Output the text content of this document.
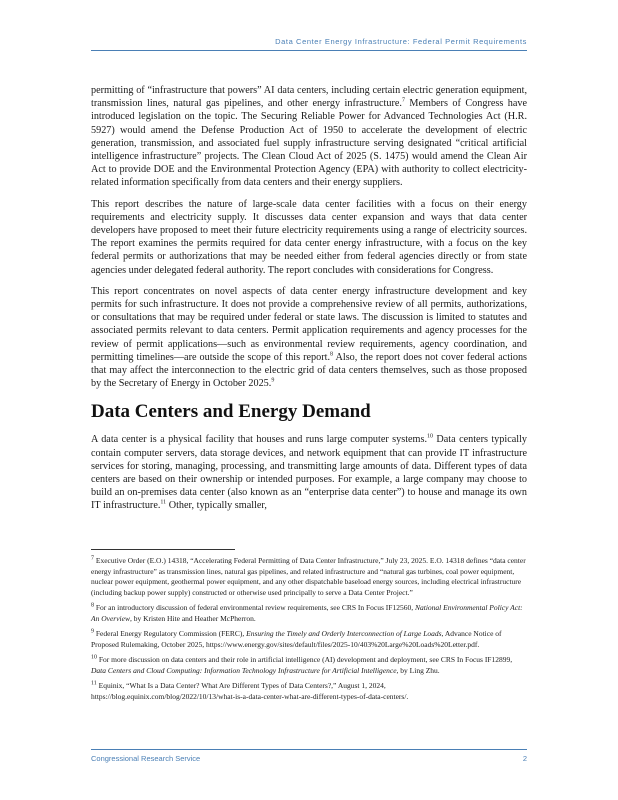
Data Center Energy Infrastructure: Federal Permit Requirements

permitting of “infrastructure that powers” AI data centers, including certain electric generation equipment, transmission lines, natural gas pipelines, and other energy infrastructure.$^7$ Members of Congress have introduced legislation on the topic. The Securing Reliable Power for Advanced Technologies Act (H.R. 5927) would amend the Defense Production Act of 1950 to accelerate the development of electric generation, transmission, and associated fuel supply infrastructure serving designated “critical artificial intelligence infrastructure” projects. The Clean Cloud Act of 2025 (S. 1475) would amend the Clean Air Act to provide DOE and the Environmental Protection Agency (EPA) with authority to collect electricity-related information specifically from data centers and their energy suppliers.

This report describes the nature of large-scale data center facilities with a focus on their energy requirements and electricity supply. It discusses data center expansion and ways that data center developers have proposed to meet their future electricity requirements using a range of electricity sources. The report examines the permits required for data center energy infrastructure, with a focus on the key federal permits or authorizations that may be needed either from federal agencies directly or from state agencies under delegated federal authority. The report concludes with considerations for Congress.

This report concentrates on novel aspects of data center energy infrastructure development and key permits for such infrastructure. It does not provide a comprehensive review of all permits, authorizations, or consultations that may be required under federal or state laws. The discussion is limited to statutes and associated permits relevant to data centers. Permit application requirements and agency processes for the review of permit applications—such as environmental review requirements, agency coordination, and permitting timelines—are outside the scope of this report.$^8$ Also, the report does not cover federal actions that may affect the interconnection to the electric grid of data centers themselves, such as those proposed by the Secretary of Energy in October 2025.$^9$

Data Centers and Energy Demand

A data center is a physical facility that houses and runs large computer systems.$^{10}$ Data centers typically contain computer servers, data storage devices, and network equipment that can provide IT infrastructure services for storing, managing, processing, and transmitting large amounts of data. Different types of data centers are based on their ownership or intended purposes. For example, a large company may choose to build an on-premises data center (also known as an “enterprise data center”) to house and manage its own IT infrastructure.$^{11}$ Other, typically smaller,

$^7$ Executive Order (E.O.) 14318, “Accelerating Federal Permitting of Data Center Infrastructure,” July 23, 2025. E.O. 14318 defines “data center energy infrastructure” as transmission lines, natural gas pipelines, and related infrastructure and “natural gas turbines, coal power equipment, nuclear power equipment, geothermal power equipment, and any other dispatchable baseload energy sources, including electrical infrastructure (including backup power supply) constructed or otherwise used principally to serve a Data Center Project.”

$^8$ For an introductory discussion of federal environmental review requirements, see CRS In Focus IF12560, National Environmental Policy Act: An Overview, by Kristen Hite and Heather McPherron.

$^9$ Federal Energy Regulatory Commission (FERC), Ensuring the Timely and Orderly Interconnection of Large Loads, Advance Notice of Proposed Rulemaking, October 2025, https://www.energy.gov/sites/default/files/2025-10/403%20Large%20Loads%20Letter.pdf.

$^{10}$ For more discussion on data centers and their role in artificial intelligence (AI) development and deployment, see CRS In Focus IF12899, Data Centers and Cloud Computing: Information Technology Infrastructure for Artificial Intelligence, by Ling Zhu.

$^{11}$ Equinix, “What Is a Data Center? What Are Different Types of Data Centers?,” August 1, 2024, https://blog.equinix.com/blog/2022/10/13/what-is-a-data-center-what-are-different-types-of-data-centers/.

Congressional Research Service	2
